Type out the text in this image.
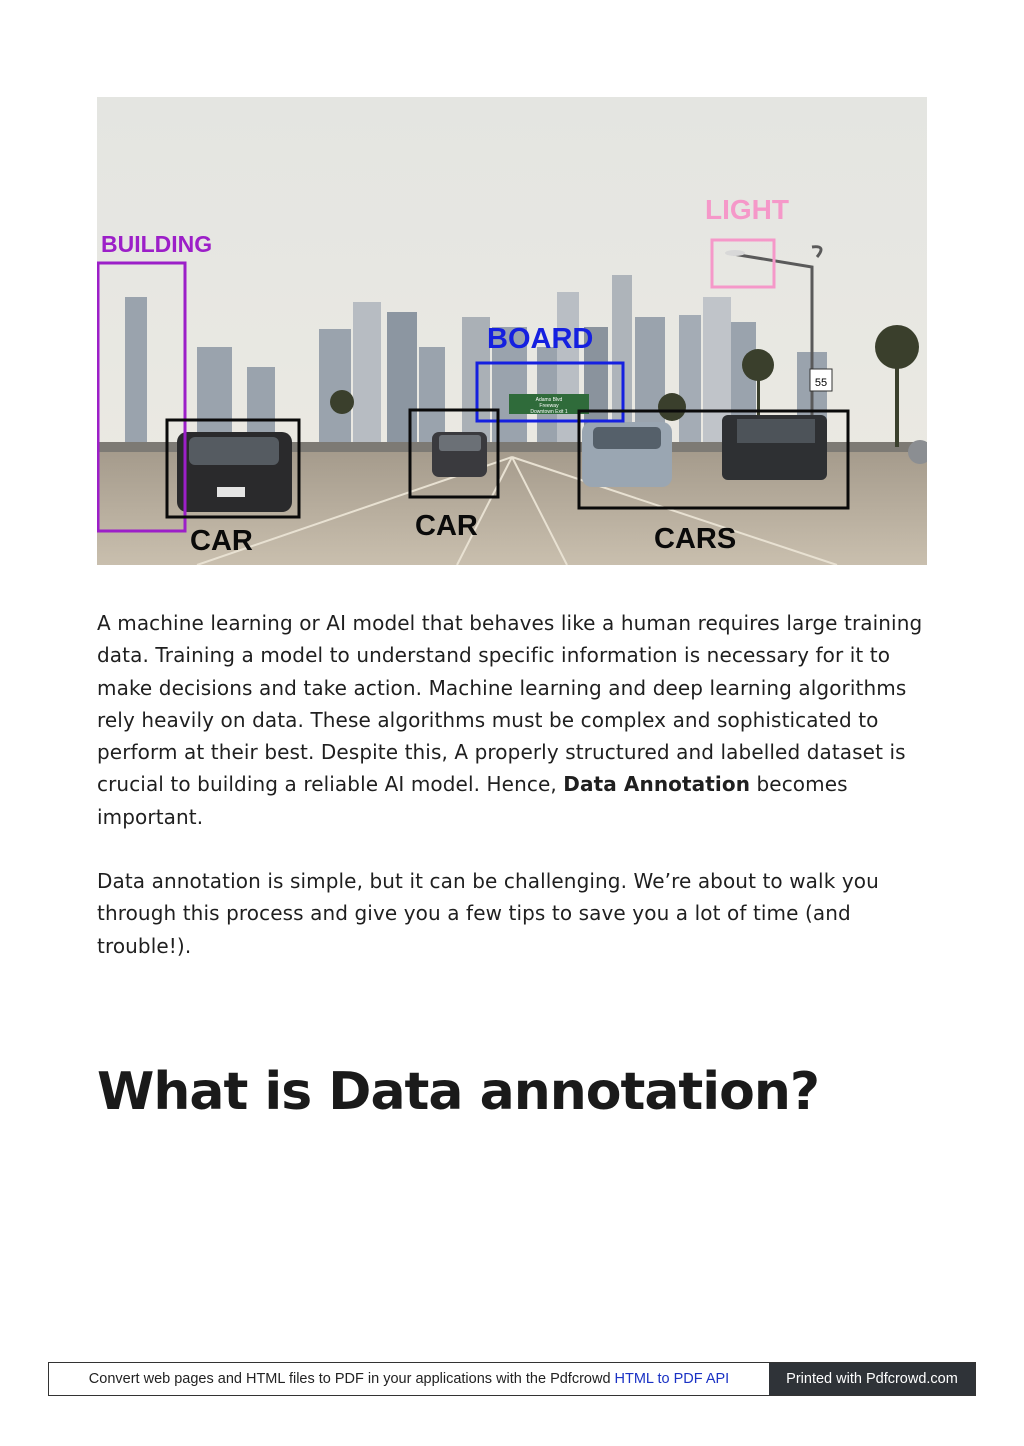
Adams Blvd
Freeway
Downtown Exit 1
55
BUILDING
LIGHT
BOARD
CAR	CAR	CARS

A machine learning or AI model that behaves like a human requires large training data. Training a model to understand specific information is necessary for it to make decisions and take action. Machine learning and deep learning algorithms rely heavily on data. These algorithms must be complex and sophisticated to perform at their best. Despite this, A properly structured and labelled dataset is crucial to building a reliable AI model. Hence, Data Annotation becomes important.

Data annotation is simple, but it can be challenging. We’re about to walk you through this process and give you a few tips to save you a lot of time (and trouble!).

What is Data annotation?
Convert web pages and HTML files to PDF in your applications with the Pdfcrowd HTML to PDF API	Printed with Pdfcrowd.com
